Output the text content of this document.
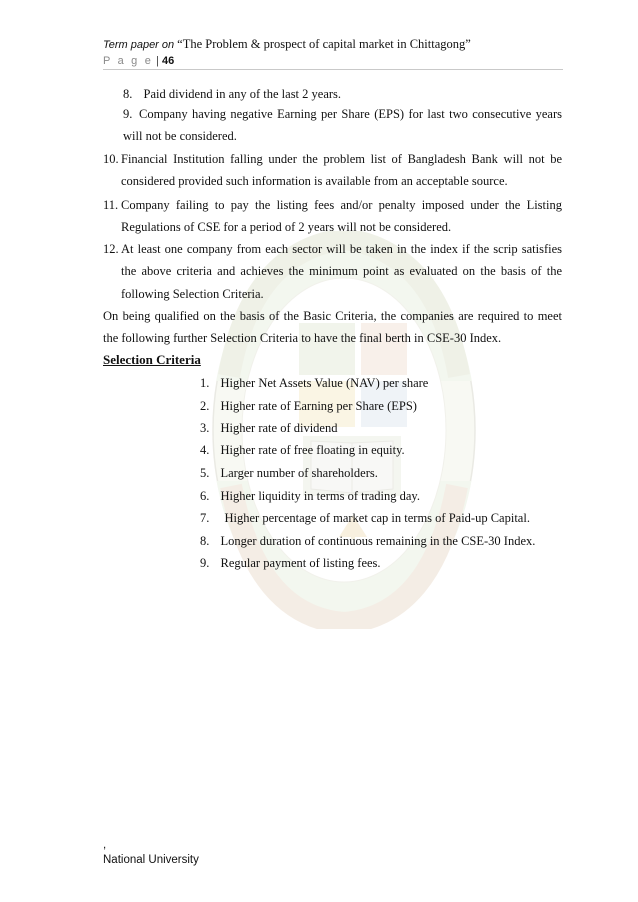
Term paper on “The Problem & prospect of capital market in Chittagong”
P a g e | 46
8. Paid dividend in any of the last 2 years.
9. Company having negative Earning per Share (EPS) for last two consecutive years
will not be considered.
10. Financial Institution falling under the problem list of Bangladesh Bank will not be
considered provided such information is available from an acceptable source.
11. Company failing to pay the listing fees and/or penalty imposed under the Listing
Regulations of CSE for a period of 2 years will not be considered.
12. At least one company from each sector will be taken in the index if the scrip satisfies
the above criteria and achieves the minimum point as evaluated on the basis of the
following Selection Criteria.
On being qualified on the basis of the Basic Criteria, the companies are required to meet
the following further Selection Criteria to have the final berth in CSE-30 Index.
Selection Criteria
1. Higher Net Assets Value (NAV) per share
2. Higher rate of Earning per Share (EPS)
3. Higher rate of dividend
4. Higher rate of free floating in equity.
5. Larger number of shareholders.
6. Higher liquidity in terms of trading day.
7. Higher percentage of market cap in terms of Paid-up Capital.
8. Longer duration of continuous remaining in the CSE-30 Index.
9. Regular payment of listing fees.
,
National University
